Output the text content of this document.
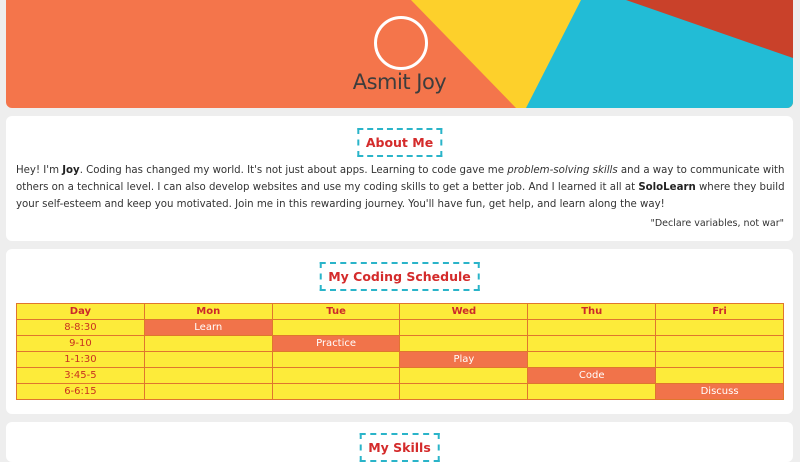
Asmit Joy
About Me
Hey! I'm Joy. Coding has changed my world. It's not just about apps. Learning to code gave me problem-solving skills and a way to communicate with others on a technical level. I can also develop websites and use my coding skills to get a better job. And I learned it all at SoloLearn where they build your self-esteem and keep you motivated. Join me in this rewarding journey. You'll have fun, get help, and learn along the way!
"Declare variables, not war"
My Coding Schedule
Day	Mon	Tue	Wed	Thu	Fri
8-8:30	Learn				
9-10		Practice			
1-1:30			Play		
3:45-5				Code	
6-6:15					Discuss
My Skills
